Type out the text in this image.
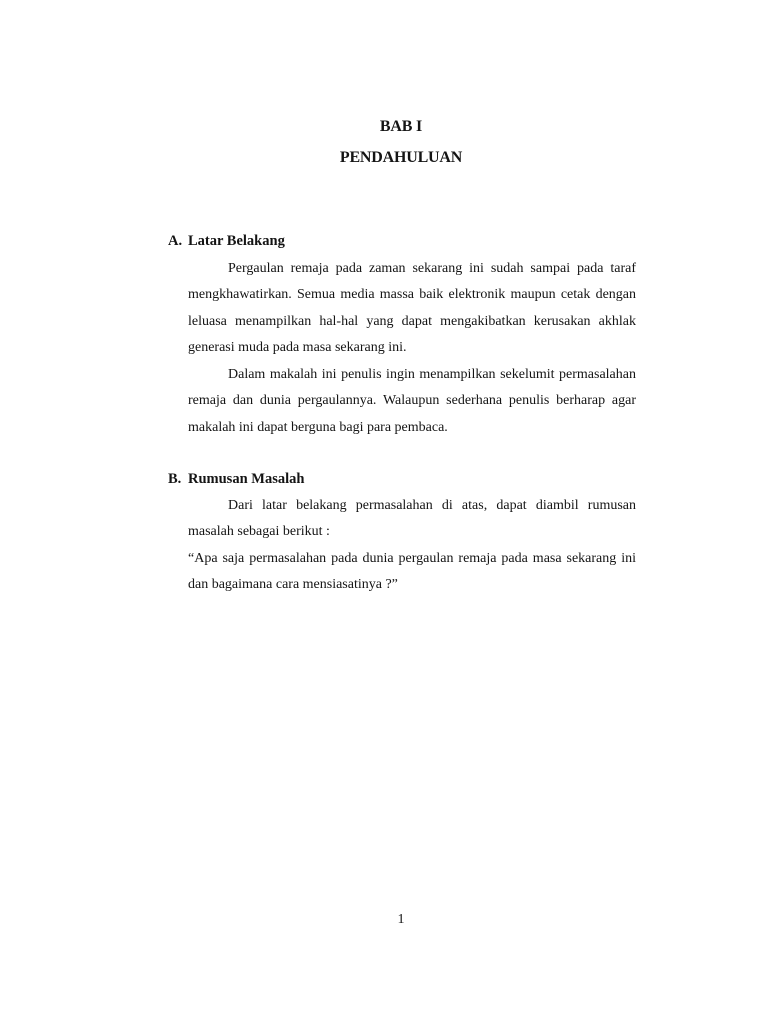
BAB I
PENDAHULUAN
A. Latar Belakang

Pergaulan remaja pada zaman sekarang ini sudah sampai pada taraf mengkhawatirkan. Semua media massa baik elektronik maupun cetak dengan leluasa menampilkan hal-hal yang dapat mengakibatkan kerusakan akhlak generasi muda pada masa sekarang ini.

Dalam makalah ini penulis ingin menampilkan sekelumit permasalahan remaja dan dunia pergaulannya. Walaupun sederhana penulis berharap agar makalah ini dapat berguna bagi para pembaca.

B. Rumusan Masalah

Dari latar belakang permasalahan di atas, dapat diambil rumusan masalah sebagai berikut :

“Apa saja permasalahan pada dunia pergaulan remaja pada masa sekarang ini dan bagaimana cara mensiasatinya ?”

1
